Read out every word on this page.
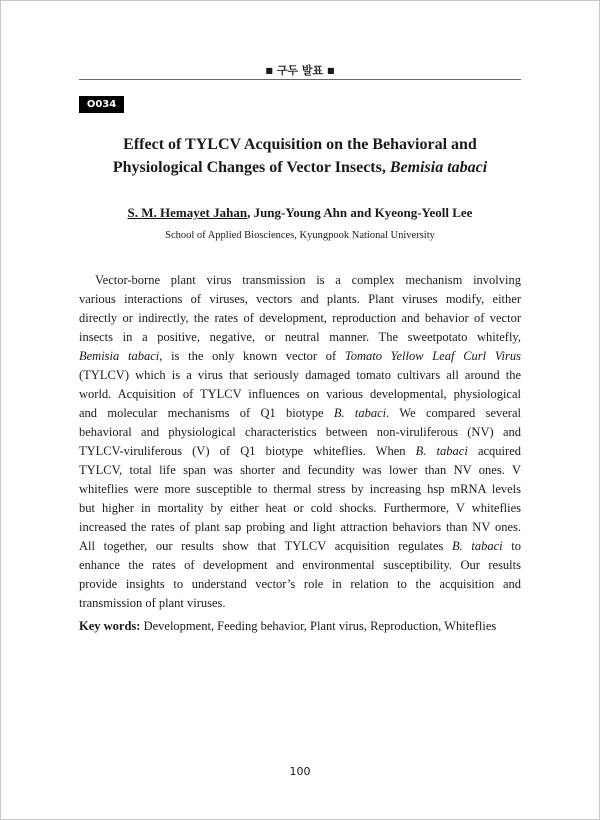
■ 구두 발표 ■
O034
Effect of TYLCV Acquisition on the Behavioral and
Physiological Changes of Vector Insects, Bemisia tabaci
S. M. Hemayet Jahan, Jung-Young Ahn and Kyeong-Yeoll Lee
School of Applied Biosciences, Kyungpook National University
Vector-borne plant virus transmission is a complex mechanism involving
various interactions of viruses, vectors and plants. Plant viruses modify, either
directly or indirectly, the rates of development, reproduction and behavior of vector
insects in a positive, negative, or neutral manner. The sweetpotato whitefly,
Bemisia tabaci, is the only known vector of Tomato Yellow Leaf Curl Virus
(TYLCV) which is a virus that seriously damaged tomato cultivars all around the
world. Acquisition of TYLCV influences on various developmental, physiological
and molecular mechanisms of Q1 biotype B. tabaci. We compared several
behavioral and physiological characteristics between non-viruliferous (NV) and
TYLCV-viruliferous (V) of Q1 biotype whiteflies. When B. tabaci acquired
TYLCV, total life span was shorter and fecundity was lower than NV ones. V
whiteflies were more susceptible to thermal stress by increasing hsp mRNA levels
but higher in mortality by either heat or cold shocks. Furthermore, V whiteflies
increased the rates of plant sap probing and light attraction behaviors than NV ones.
All together, our results show that TYLCV acquisition regulates B. tabaci to
enhance the rates of development and environmental susceptibility. Our results
provide insights to understand vector’s role in relation to the acquisition and
transmission of plant viruses.
Key words: Development, Feeding behavior, Plant virus, Reproduction, Whiteflies
100
